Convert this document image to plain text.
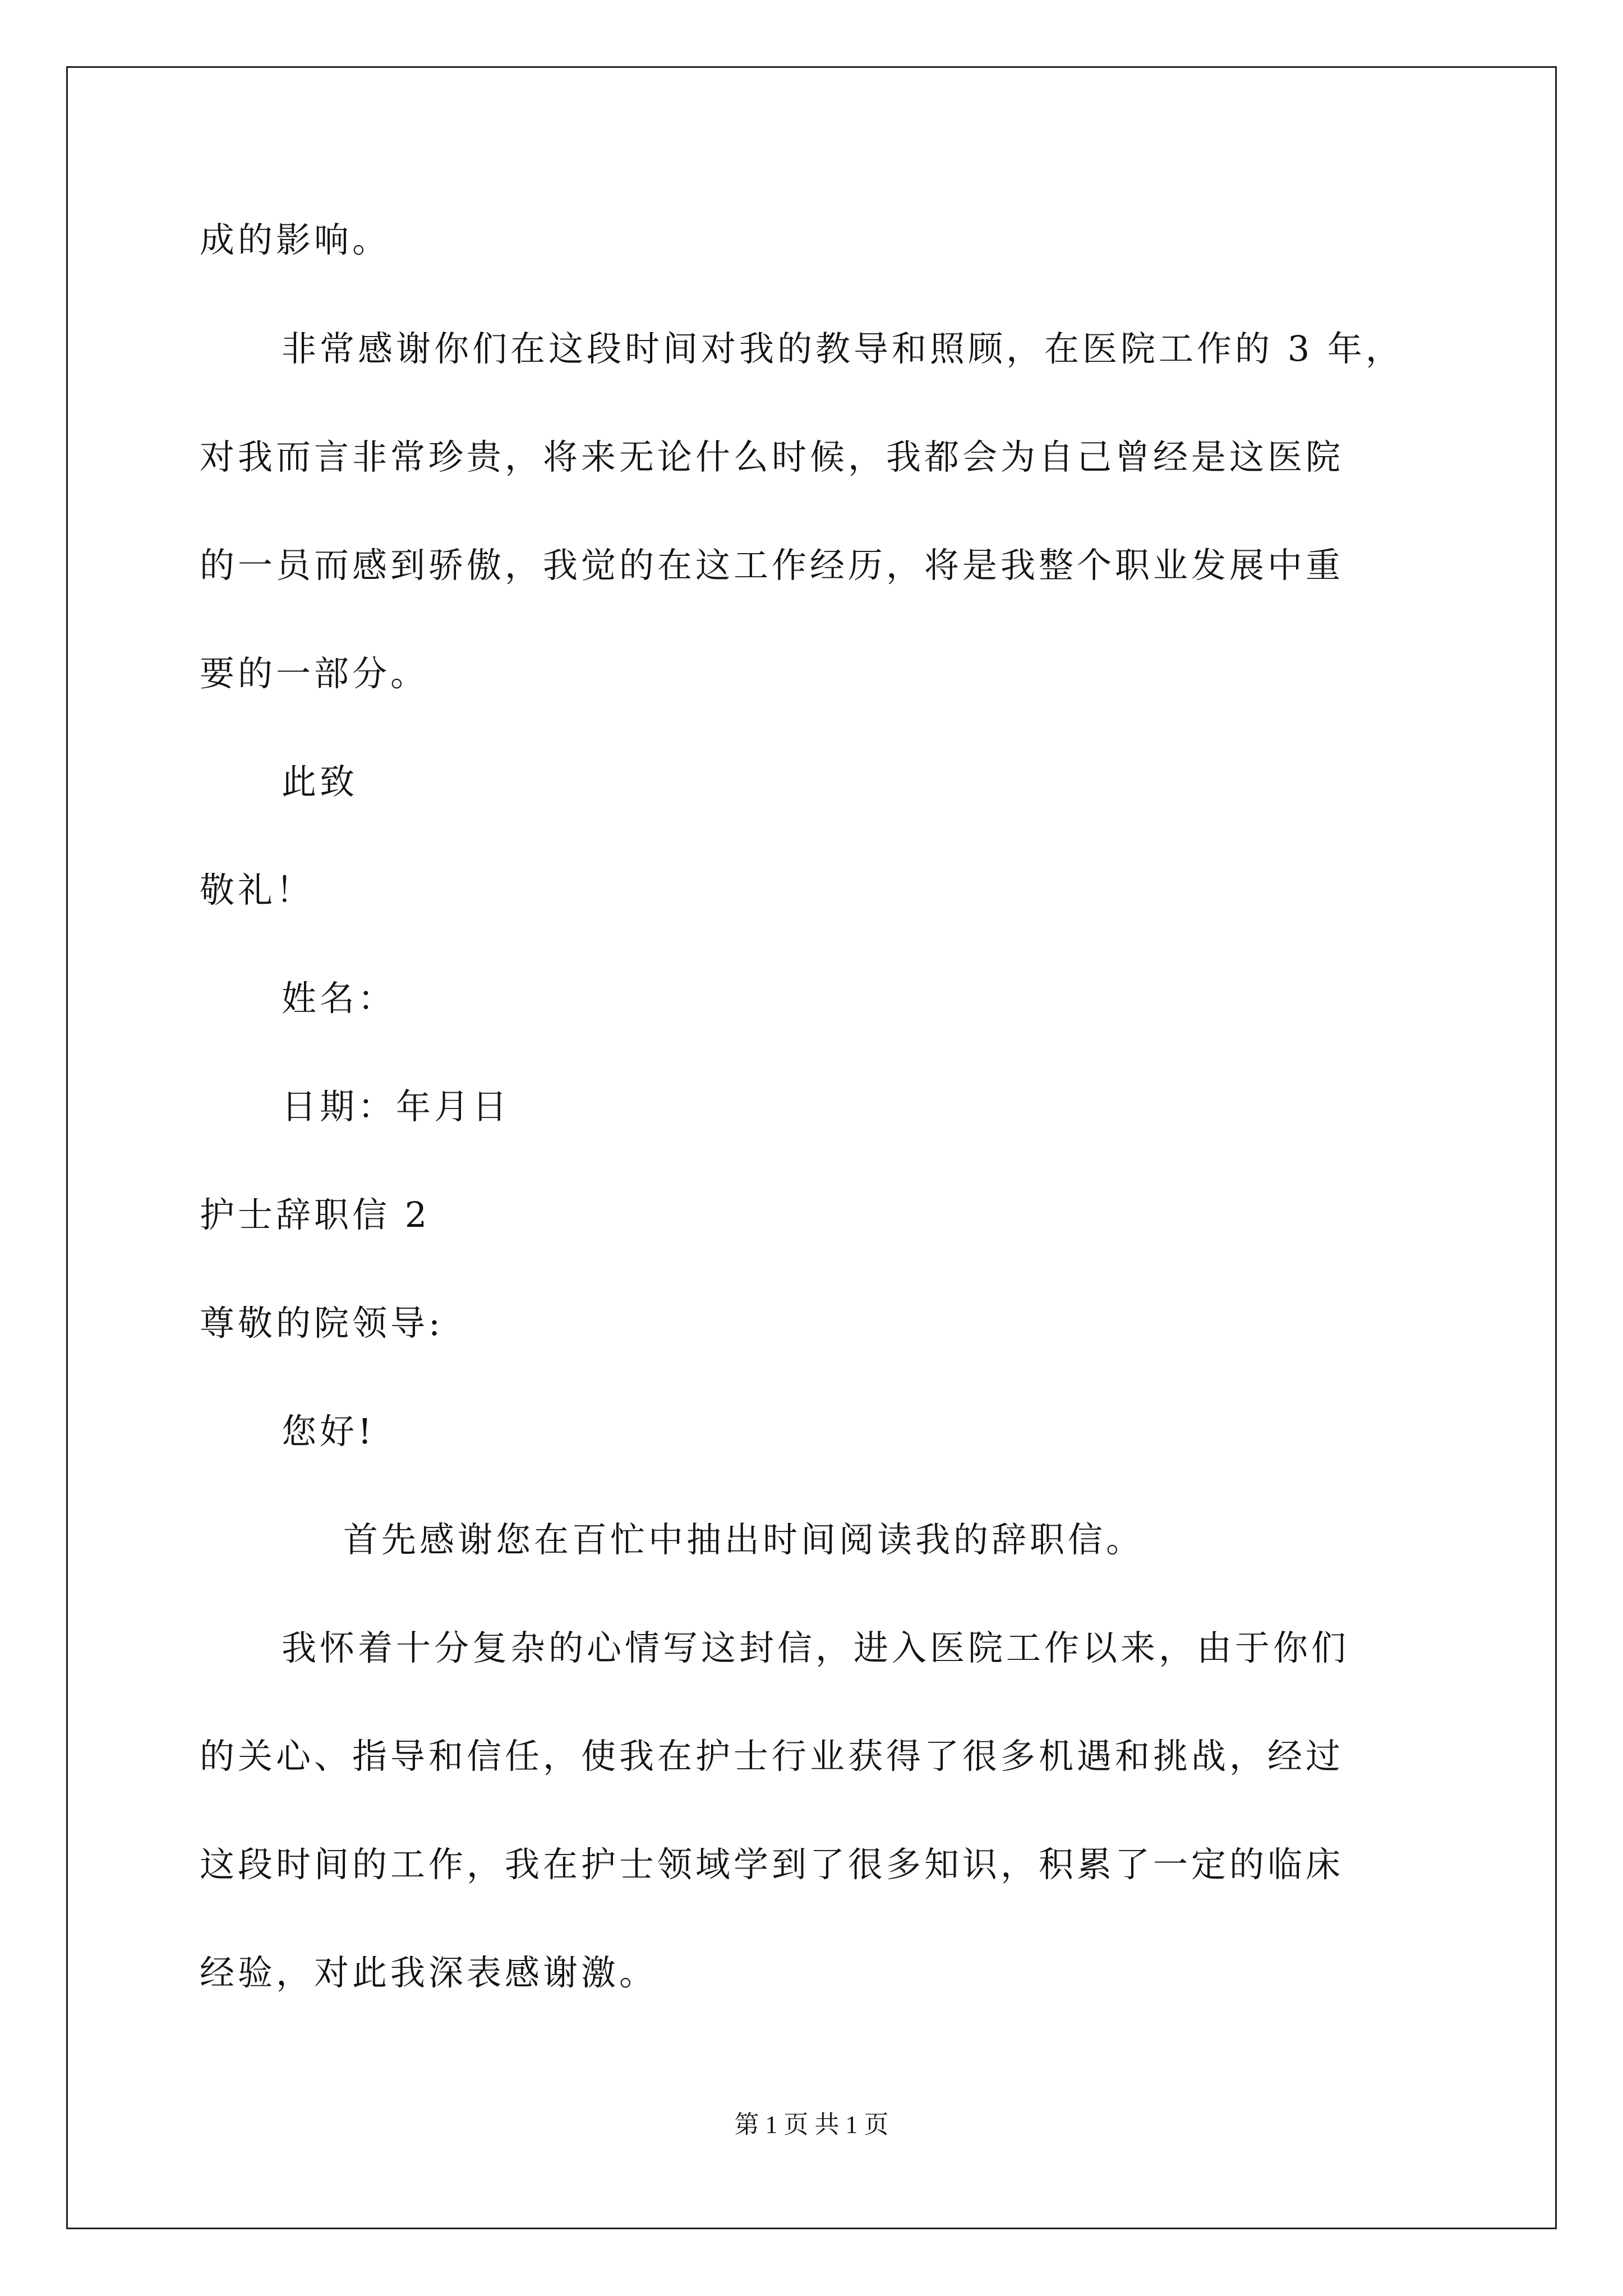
成的影响。
非常感谢你们在这段时间对我的教导和照顾，在医院工作的 3 年，
对我而言非常珍贵，将来无论什么时候，我都会为自己曾经是这医院
的一员而感到骄傲，我觉的在这工作经历，将是我整个职业发展中重
要的一部分。
此致
敬礼！
姓名：
日期：年月日
护士辞职信 2
尊敬的院领导:
您好!
首先感谢您在百忙中抽出时间阅读我的辞职信。
我怀着十分复杂的心情写这封信，进入医院工作以来，由于你们
的关心、指导和信任，使我在护士行业获得了很多机遇和挑战，经过
这段时间的工作，我在护士领域学到了很多知识，积累了一定的临床
经验，对此我深表感谢激。
第 1 页 共 1 页
